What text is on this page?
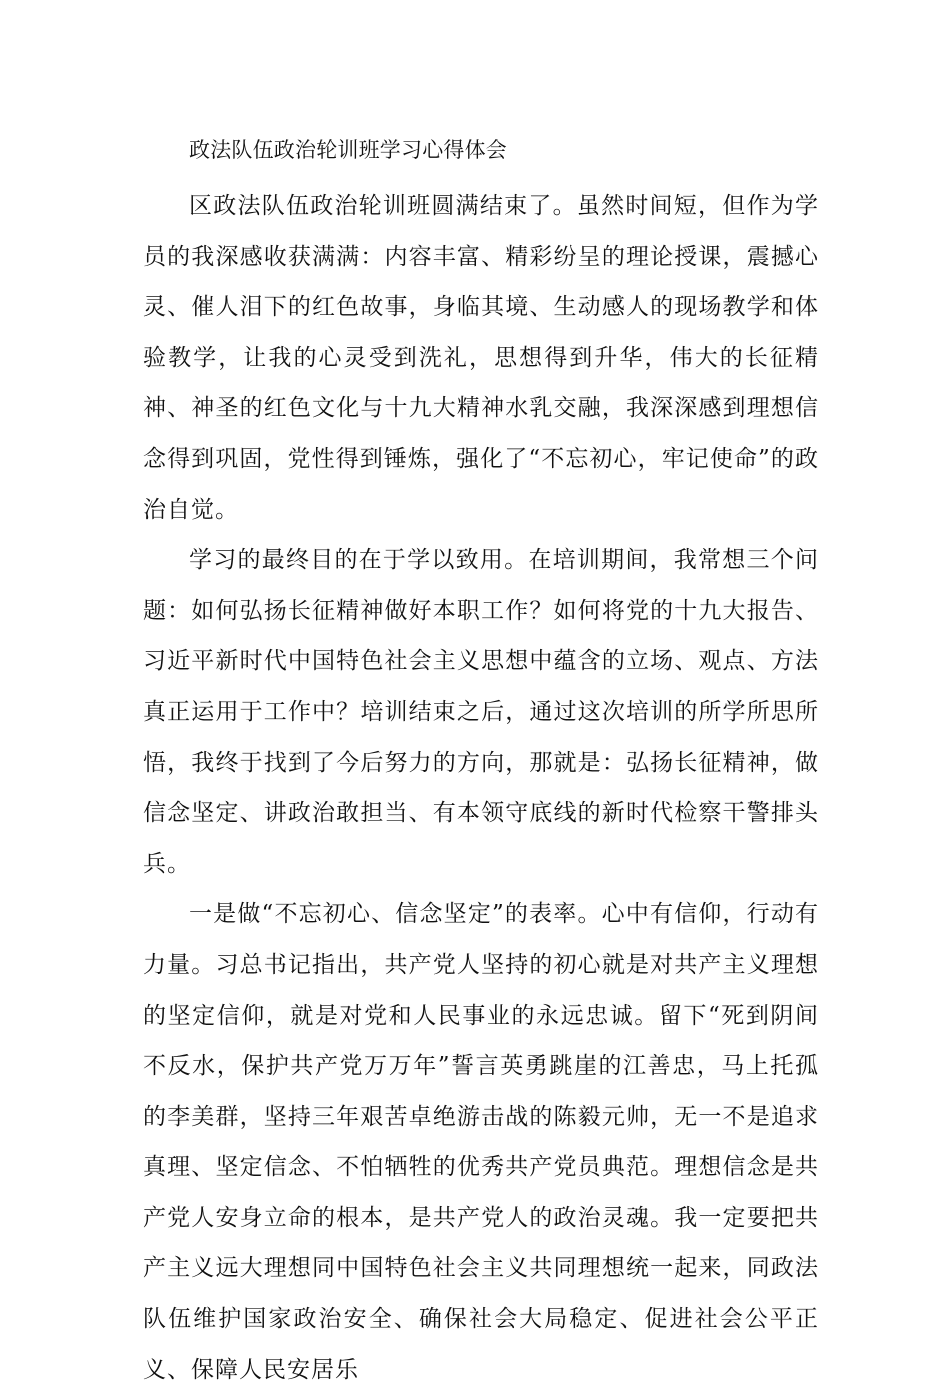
政法队伍政治轮训班学习心得体会

区政法队伍政治轮训班圆满结束了。虽然时间短，但作为学员的我深感收获满满：内容丰富、精彩纷呈的理论授课，震撼心灵、催人泪下的红色故事，身临其境、生动感人的现场教学和体验教学，让我的心灵受到洗礼，思想得到升华，伟大的长征精神、神圣的红色文化与十九大精神水乳交融，我深深感到理想信念得到巩固，党性得到锤炼，强化了“不忘初心，牢记使命”的政治自觉。

学习的最终目的在于学以致用。在培训期间，我常想三个问题：如何弘扬长征精神做好本职工作？如何将党的十九大报告、习近平新时代中国特色社会主义思想中蕴含的立场、观点、方法真正运用于工作中？培训结束之后，通过这次培训的所学所思所悟，我终于找到了今后努力的方向，那就是：弘扬长征精神，做信念坚定、讲政治敢担当、有本领守底线的新时代检察干警排头兵。

一是做“不忘初心、信念坚定”的表率。心中有信仰，行动有力量。习总书记指出，共产党人坚持的初心就是对共产主义理想的坚定信仰，就是对党和人民事业的永远忠诚。留下“死到阴间不反水，保护共产党万万年”誓言英勇跳崖的江善忠，马上托孤的李美群，坚持三年艰苦卓绝游击战的陈毅元帅，无一不是追求真理、坚定信念、不怕牺牲的优秀共产党员典范。理想信念是共产党人安身立命的根本，是共产党人的政治灵魂。我一定要把共产主义远大理想同中国特色社会主义共同理想统一起来，同政法队伍维护国家政治安全、确保社会大局稳定、促进社会公平正义、保障人民安居乐
